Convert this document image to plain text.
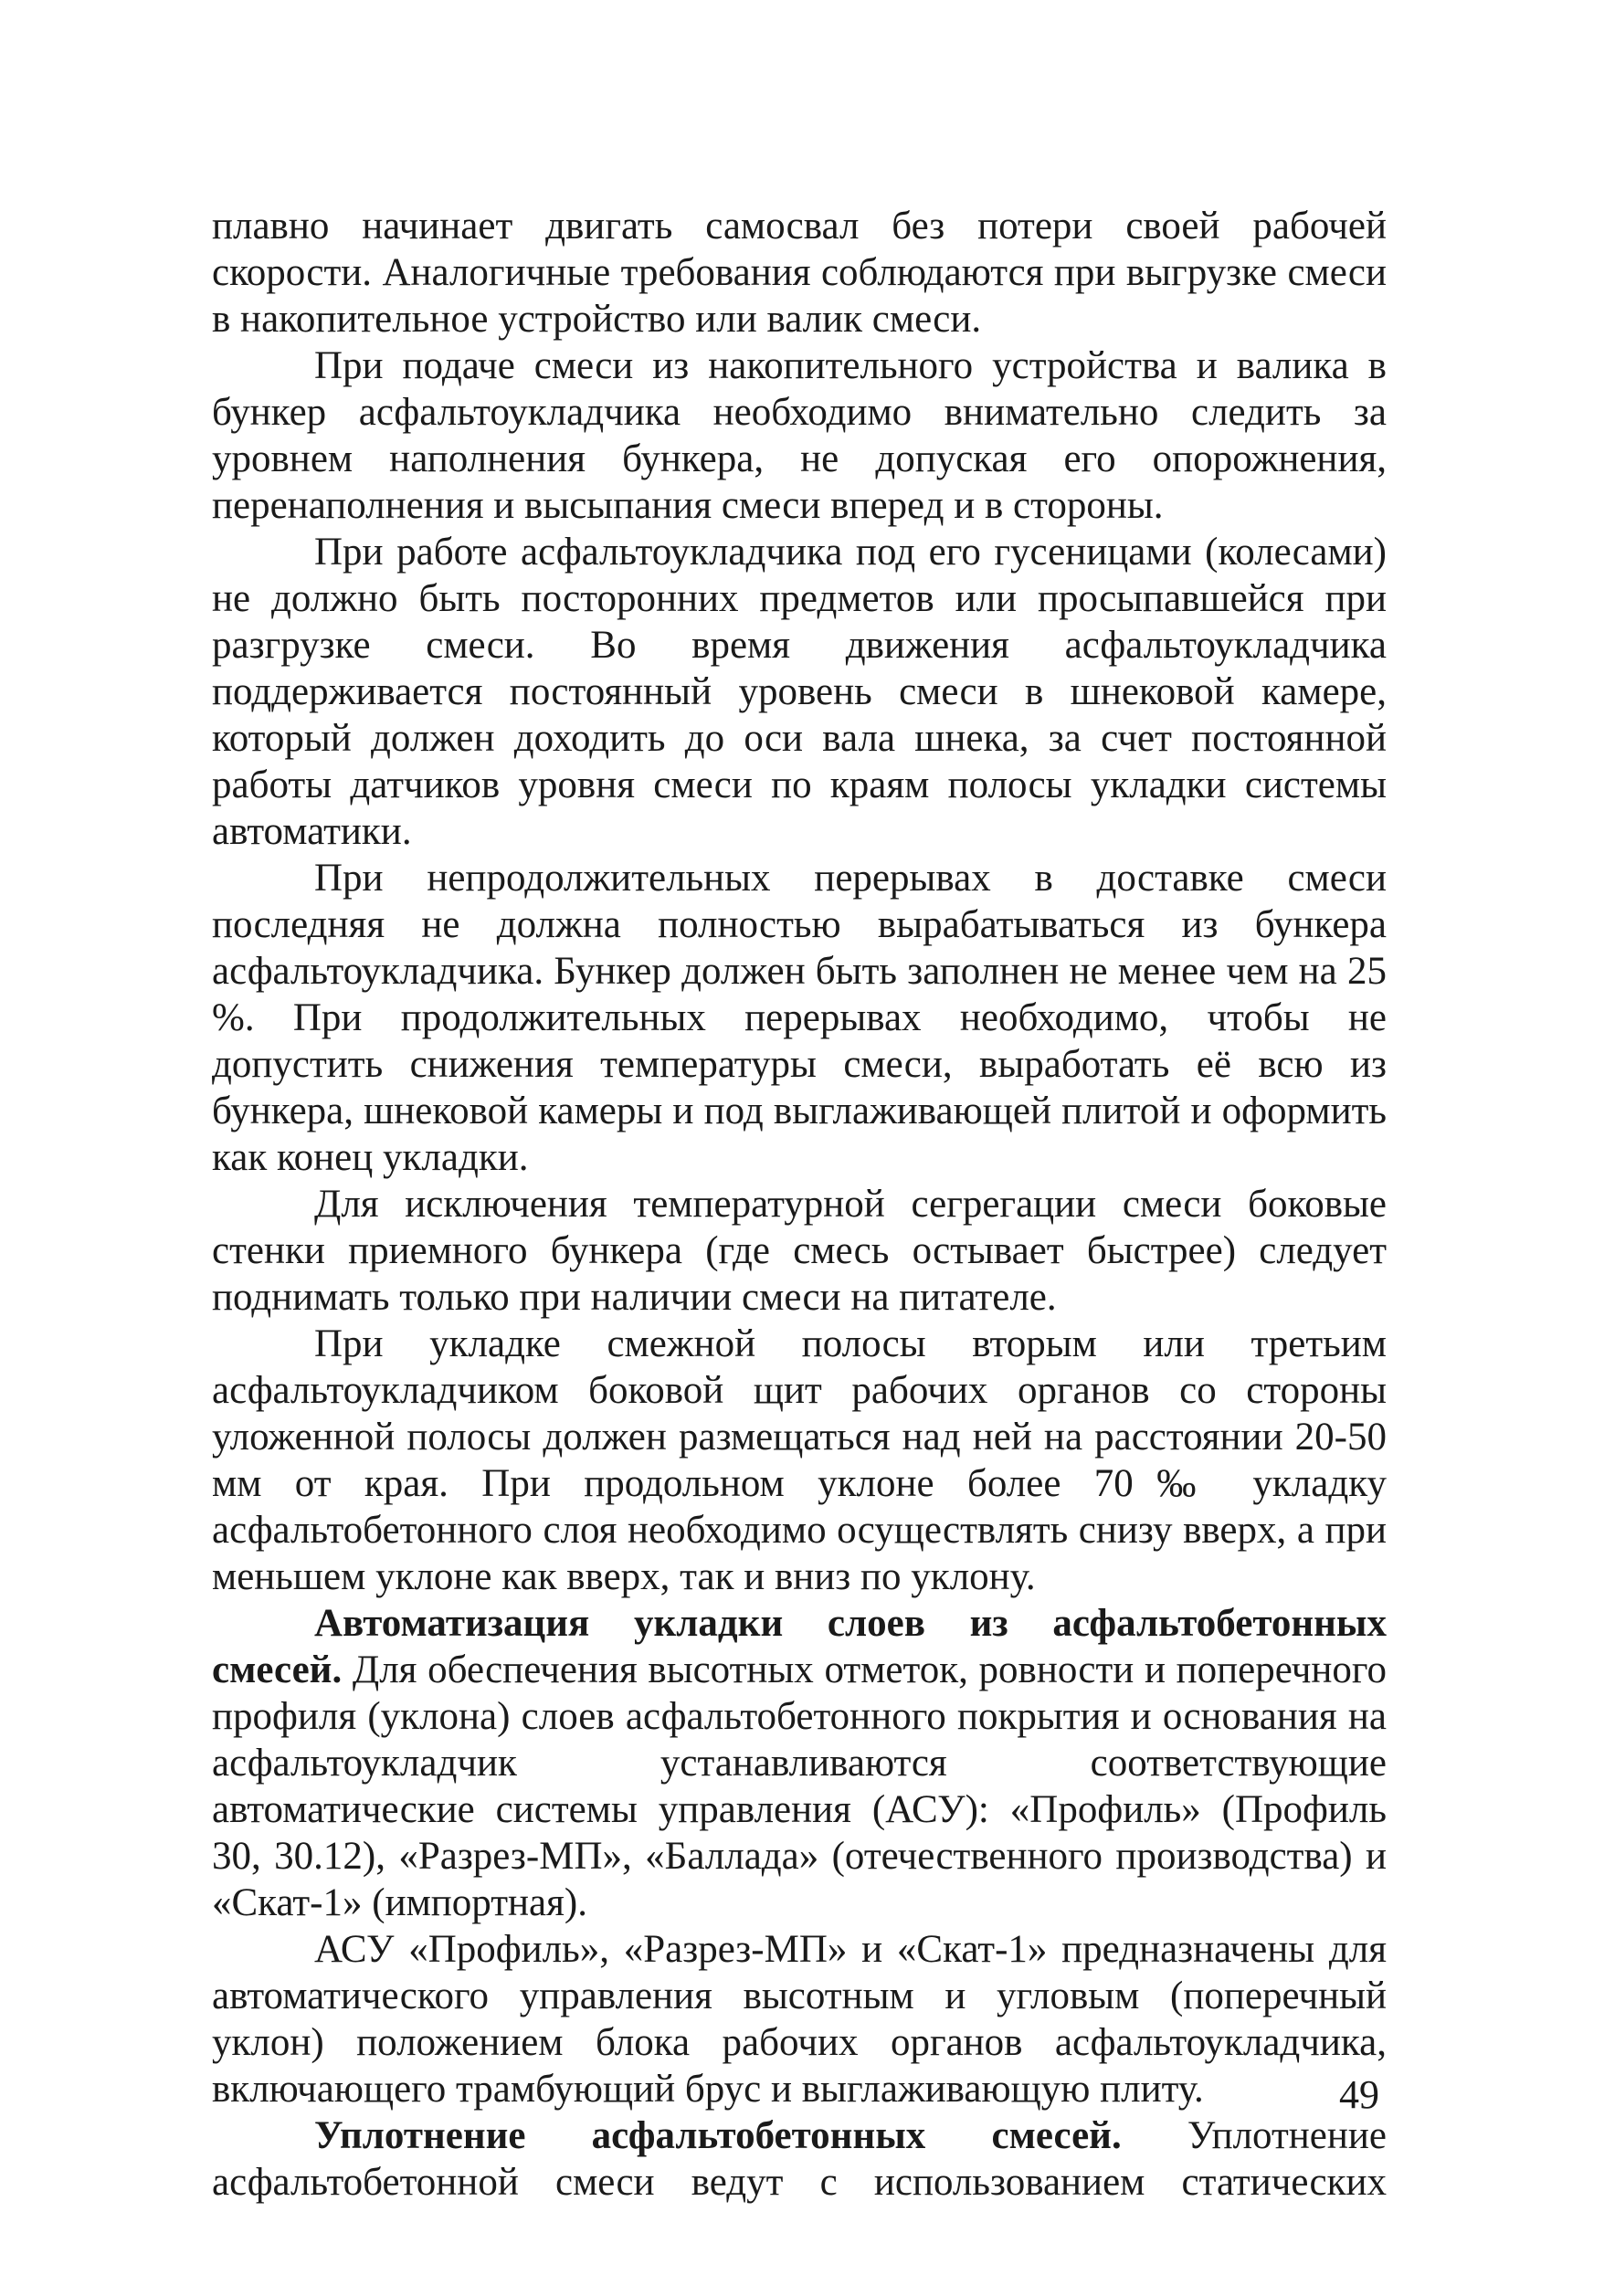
плавно начинает двигать самосвал без потери своей рабочей скорости. Аналогичные требования соблюдаются при выгрузке смеси в накопительное устройство или валик смеси.

При подаче смеси из накопительного устройства и валика в бункер асфальтоукладчика необходимо внимательно следить за уровнем наполнения бункера, не допуская его опорожнения, перенаполнения и высыпания смеси вперед и в стороны.

При работе асфальтоукладчика под его гусеницами (колесами) не должно быть посторонних предметов или просыпавшейся при разгрузке смеси. Во время движения асфальтоукладчика поддерживается постоянный уровень смеси в шнековой камере, который должен доходить до оси вала шнека, за счет постоянной работы датчиков уровня смеси по краям полосы укладки системы автоматики.

При непродолжительных перерывах в доставке смеси последняя не должна полностью вырабатываться из бункера асфальтоукладчика. Бункер должен быть заполнен не менее чем на 25 %. При продолжительных перерывах необходимо, чтобы не допустить снижения температуры смеси, выработать её всю из бункера, шнековой камеры и под выглаживающей плитой и оформить как конец укладки.

Для исключения температурной сегрегации смеси боковые стенки приемного бункера (где смесь остывает быстрее) следует поднимать только при наличии смеси на питателе.

При укладке смежной полосы вторым или третьим асфальтоукладчиком боковой щит рабочих органов со стороны уложенной полосы должен размещаться над ней на расстоянии 20-50 мм от края. При продольном уклоне более 70‰ укладку асфальтобетонного слоя необходимо осуществлять снизу вверх, а при меньшем уклоне как вверх, так и вниз по уклону.

Автоматизация укладки слоев из асфальтобетонных смесей. Для обеспечения высотных отметок, ровности и поперечного профиля (уклона) слоев асфальтобетонного покрытия и основания на асфальтоукладчик устанавливаются соответствующие автоматические системы управления (АСУ): «Профиль» (Профиль 30, 30.12), «Разрез-МП», «Баллада» (отечественного производства) и «Скат-1» (импортная).

АСУ «Профиль», «Разрез-МП» и «Скат-1» предназначены для автоматического управления высотным и угловым (поперечный уклон) положением блока рабочих органов асфальтоукладчика, включающего трамбующий брус и выглаживающую плиту.

Уплотнение асфальтобетонных смесей. Уплотнение асфальтобетонной смеси ведут с использованием статических

49
